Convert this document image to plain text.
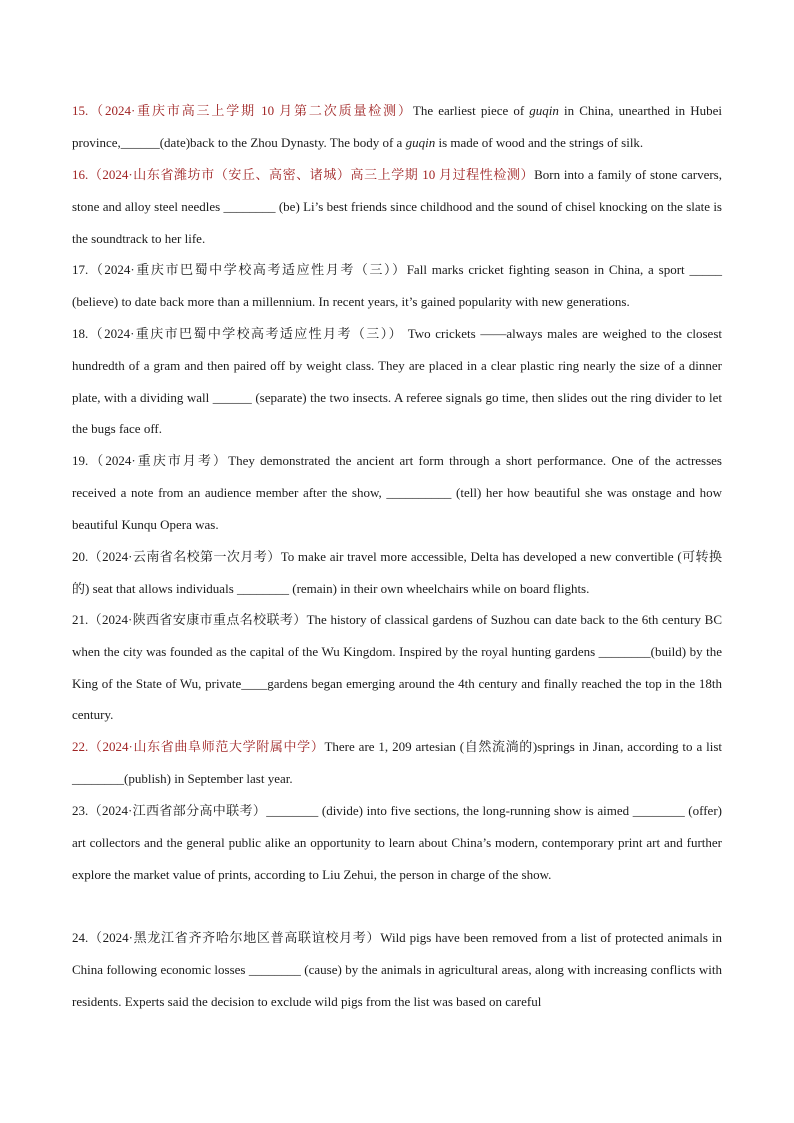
15.（2024·重庆市高三上学期 10 月第二次质量检测）The earliest piece of guqin in China, unearthed in Hubei province,______(date)back to the Zhou Dynasty. The body of a guqin is made of wood and the strings of silk.

16.（2024·山东省潍坊市（安丘、高密、诸城）高三上学期 10 月过程性检测）Born into a family of stone carvers, stone and alloy steel needles ________ (be) Li’s best friends since childhood and the sound of chisel knocking on the slate is the soundtrack to her life.

17.（2024·重庆市巴蜀中学校高考适应性月考（三））Fall marks cricket fighting season in China, a sport _____ (believe) to date back more than a millennium. In recent years, it’s gained popularity with new generations.

18.（2024·重庆市巴蜀中学校高考适应性月考（三）） Two crickets ——always males are weighed to the closest hundredth of a gram and then paired off by weight class. They are placed in a clear plastic ring nearly the size of a dinner plate, with a dividing wall ______ (separate) the two insects. A referee signals go time, then slides out the ring divider to let the bugs face off.

19.（2024·重庆市月考）They demonstrated the ancient art form through a short performance. One of the actresses received a note from an audience member after the show, __________ (tell) her how beautiful she was onstage and how beautiful Kunqu Opera was.

20.（2024·云南省名校第一次月考）To make air travel more accessible, Delta has developed a new convertible (可转换的) seat that allows individuals ________ (remain) in their own wheelchairs while on board flights.

21.（2024·陕西省安康市重点名校联考）The history of classical gardens of Suzhou can date back to the 6th century BC when the city was founded as the capital of the Wu Kingdom. Inspired by the royal hunting gardens ________(build) by the King of the State of Wu, private____gardens began emerging around the 4th century and finally reached the top in the 18th century.

22.（2024·山东省曲阜师范大学附属中学）There are 1, 209 artesian (自然流淌的)springs in Jinan, according to a list ________(publish) in September last year.

23.（2024·江西省部分高中联考）________ (divide) into five sections, the long-running show is aimed ________ (offer) art collectors and the general public alike an opportunity to learn about China’s modern, contemporary print art and further explore the market value of prints, according to Liu Zehui, the person in charge of the show.

24.（2024·黑龙江省齐齐哈尔地区普高联谊校月考）Wild pigs have been removed from a list of protected animals in China following economic losses ________ (cause) by the animals in agricultural areas, along with increasing conflicts with residents. Experts said the decision to exclude wild pigs from the list was based on careful
